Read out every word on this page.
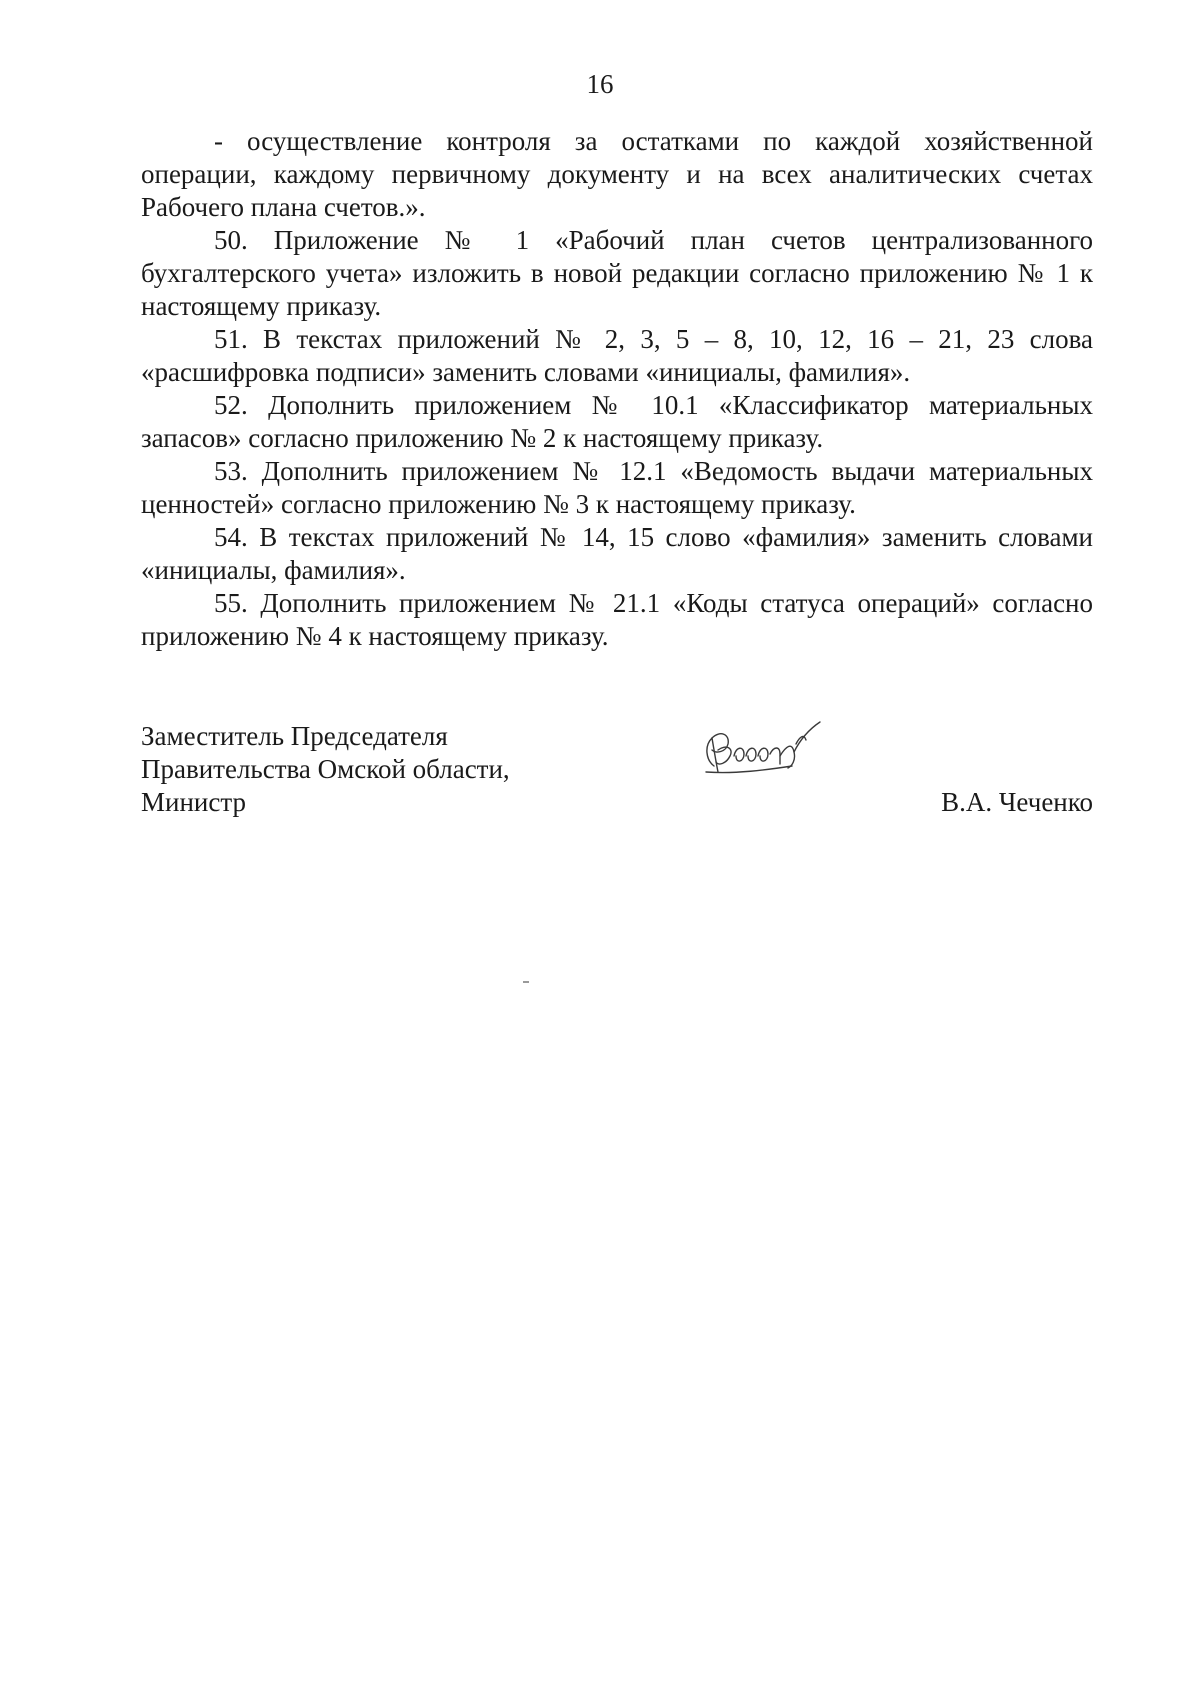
16

- осуществление контроля за остатками по каждой хозяйственной операции, каждому первичному документу и на всех аналитических счетах Рабочего плана счетов.».

50. Приложение № 1 «Рабочий план счетов централизованного бухгалтерского учета» изложить в новой редакции согласно приложению № 1 к настоящему приказу.

51. В текстах приложений № 2, 3, 5 – 8, 10, 12, 16 – 21, 23 слова «расшифровка подписи» заменить словами «инициалы, фамилия».

52. Дополнить приложением № 10.1 «Классификатор материальных запасов» согласно приложению № 2 к настоящему приказу.

53. Дополнить приложением № 12.1 «Ведомость выдачи материальных ценностей» согласно приложению № 3 к настоящему приказу.

54. В текстах приложений № 14, 15 слово «фамилия» заменить словами «инициалы, фамилия».

55. Дополнить приложением № 21.1 «Коды статуса операций» согласно приложению № 4 к настоящему приказу.

Заместитель Председателя
Правительства Омской области,
Министр	В.А. Чеченко
